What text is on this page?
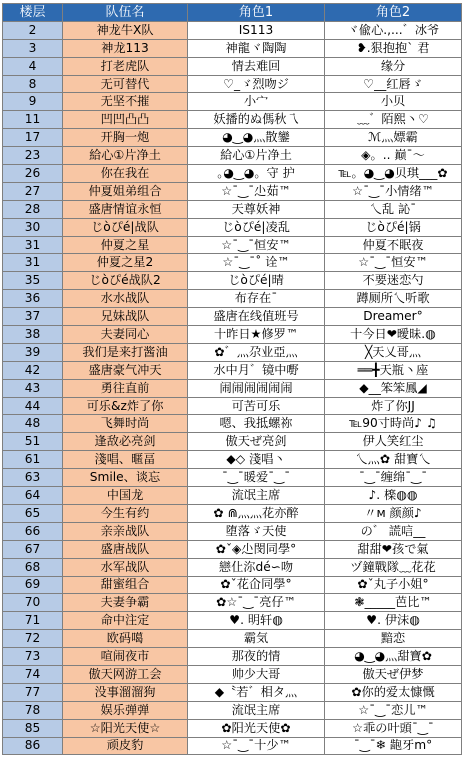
楼层	队伍名	角色1	角色2
2	神龙牛X队	IS113	ヾ偸心.,...゛冰爷
3	神龙113	神龍ヾ陶陶	❥.狠抱抱` 君
4	打老虎队	情去难回	缘分
8	无可替代	♡_ゞ烈吻ジ	♡__红唇ゞ
9	无坚不摧	小宀	小贝
11	凹凹凸凸	妖播的ぬ傌秋乁	﹏゛陌熙丶♡
17	开胸一炮	◕‿◕灬散鑾	ℳ灬嫖霸
23	給心①片净土	給心①片净土	◈。.. 巅ˉ〜
26	你在我在	｡◕‿◕。守 护	℡。◕‿◕贝琪___✿
27	仲夏姐弟组合	☆ˉ‿ˉ尐茹™	☆ˉ‿ˉ小情绪™
28	盛唐情谊永恒	天尊妖神	乀乱 訫ˉ
30	じòぴé|战队	じòぴé|凌乱	じòぴé|锅
31	仲夏之星	☆ˉ‿ˉ恒安™	仲夏不眠夜
31	仲夏之星2	☆ˉ‿ˉ˚ 诠™	☆ˉ‿ˉ恒安™
35	じòぴé战队2	じòぴé|晴	不要迷恋勺
36	水水战队	布存在ˉ	蹲厕所乀听歌
37	兄妹战队	盛唐在线值班号	Dreamer°
38	夫妻同心	十昨日★修罗™	十今日❤曖昧.◍
39	我们是来打酱油	✿゛灬尕业亞灬	╳天乂哥灬
42	盛唐豪气冲天	水中月゛镜中嘢	══╋天瓶丶座
43	勇往直前	闹闹闹闹闹闹	◆__笨笨鳳◢
44	可乐&z炸了你	可苦可乐	炸了你JJ
48	飞舞时尚	嗯、我抵螺祢	℡90寸時尚♪ ♫
51	逢敌必亮剑	傲天ぜ亮剑	伊人笑红尘
61	淺唱、暱畐	◆◇ 淺唱丶	乀灬✿ 甜寶乀
63	Smile、谈忘	ˉ‿ˉ暖爱ˉ‿ˉ	ˉ‿ˉ缠绵ˉ‿ˉ
64	中国龙	流氓主席	♪. 檪◍◍
65	今生有约	✿ ⋒灬灬花亦醉	〃м 颜颜♪
66	亲亲战队	堕落ゞ天使	の゛ 謊唁__
67	盛唐战队	✿ˇ◈尐閔同學°	甜甜❤孩で氣
68	水军战队	戀仩沵dé∽吻	ヅ鐘戰隊﹏花花
69	甜蜜组合	✿ˇ花仚同學°	✿ˇ丸子小姐°
70	夫妻争霸	✿☆ˉ‿ˉ亮仔™	❃_____芭比™
71	命中注定	♥. 明轩◍	♥. 伊沫◍
72	欧码噶	霸気	黯恋
73	喧闹夜市	那夜的情	◕‿◕灬甜寶✿
74	傲天网游工会	帅少大哥	傲天ぜ伊梦
77	没事溜溜狗	◆〝若゛相タ灬	✿你的爱太慷慨
78	娱乐弹弹	流氓主席	☆ˉ‿ˉ恋儿™
85	☆阳光天使☆	✿阳光天使✿	☆乖の叶頭ˉ‿ˉ
86	顽皮豹	☆ˉ‿ˉ十少™	ˉ‿ˉ❄ 龅牙m°
